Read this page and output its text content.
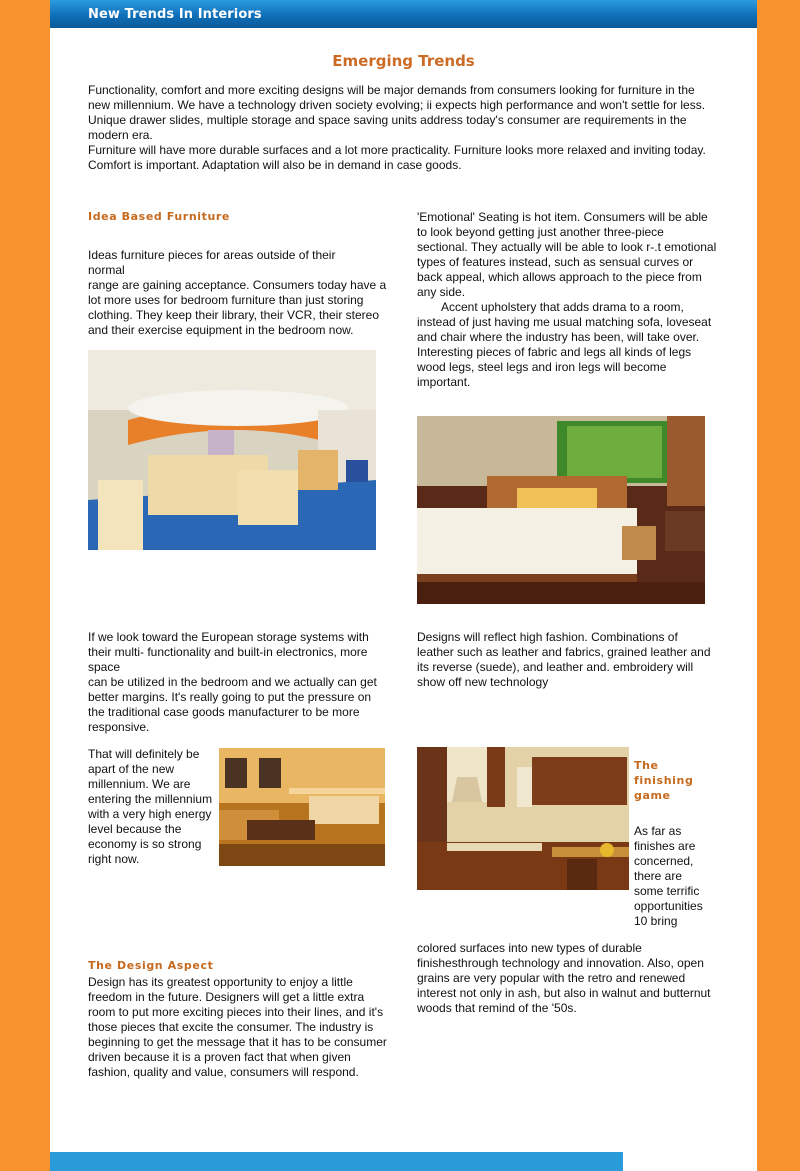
New Trends In Interiors
Emerging Trends

Functionality, comfort and more exciting designs will be major demands from consumers looking for furniture in the new millennium. We have a technology driven society evolving; ii expects high performance and won't settle for less. Unique drawer slides, multiple storage and space saving units address today's consumer are requirements in the modern era.

Furniture will have more durable surfaces and a lot more practicality. Furniture looks more relaxed and inviting today. Comfort is important. Adaptation will also be in demand in case goods.

Idea Based Furniture
Ideas furniture pieces for areas outside of their normal
range are gaining acceptance. Consumers today have a lot more uses for bedroom furniture than just storing clothing. They keep their library, their VCR, their stereo and their exercise equipment in the bedroom now.
If we look toward the European storage systems with their multi- functionality and built-in electronics, more space
can be utilized in the bedroom and we actually can get better margins. It's really going to put the pressure on the traditional case goods manufacturer to be more responsive.
That will definitely be apart of the new millennium. We are entering the millennium with a very high energy level because the economy is so strong right now.
The Design Aspect
Design has its greatest opportunity to enjoy a little freedom in the future. Designers will get a little extra room to put more exciting pieces into their lines, and it's those pieces that excite the consumer. The industry is beginning to get the message that it has to be consumer driven because it is a proven fact that when given fashion, quality and value, consumers will respond.

'Emotional' Seating is hot item. Consumers will be able to look beyond getting just another three-piece sectional. They actually will be able to look r-.t emotional types of features instead, such as sensual curves or back appeal, which allows approach to the piece from any side.

Accent upholstery that adds drama to a room, instead of just having me usual matching sofa, loveseat and chair where the industry has been, will take over. Interesting pieces of fabric and legs all kinds of legs wood legs, steel legs and iron legs will become important.

Designs will reflect high fashion. Combinations of leather such as leather and fabrics, grained leather and its reverse (suede), and leather and. embroidery will show off new technology
The finishing game
As far as finishes are concerned, there are some terrific opportunities 10 bring
colored surfaces into new types of durable finishesthrough technology and innovation. Also, open grains are very popular with the retro and renewed interest not only in ash, but also in walnut and butternut woods that remind of the '50s.
